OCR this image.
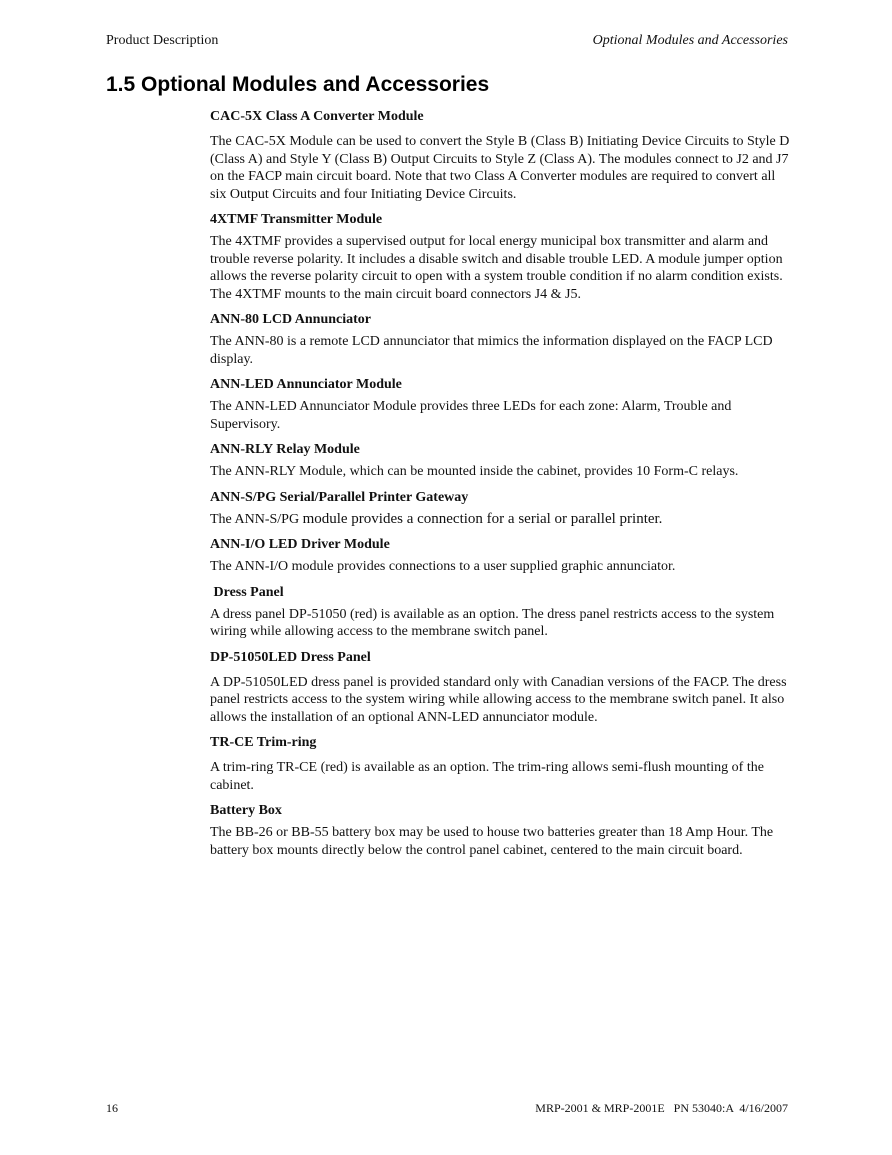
Product Description	Optional Modules and Accessories
1.5 Optional Modules and Accessories
CAC-5X Class A Converter Module

The CAC-5X Module can be used to convert the Style B (Class B) Initiating Device Circuits to Style D (Class A) and Style Y (Class B) Output Circuits to Style Z (Class A). The modules connect to J2 and J7 on the FACP main circuit board. Note that two Class A Converter modules are required to convert all six Output Circuits and four Initiating Device Circuits.

4XTMF Transmitter Module

The 4XTMF provides a supervised output for local energy municipal box transmitter and alarm and trouble reverse polarity. It includes a disable switch and disable trouble LED. A module jumper option allows the reverse polarity circuit to open with a system trouble condition if no alarm condition exists. The 4XTMF mounts to the main circuit board connectors J4 & J5.

ANN-80 LCD Annunciator

The ANN-80 is a remote LCD annunciator that mimics the information displayed on the FACP LCD display.

ANN-LED Annunciator Module

The ANN-LED Annunciator Module provides three LEDs for each zone: Alarm, Trouble and Supervisory.

ANN-RLY Relay Module

The ANN-RLY Module, which can be mounted inside the cabinet, provides 10 Form-C relays.

ANN-S/PG Serial/Parallel Printer Gateway

The ANN-S/PG module provides a connection for a serial or parallel printer.

ANN-I/O LED Driver Module

The ANN-I/O module provides connections to a user supplied graphic annunciator.

Dress Panel

A dress panel DP-51050 (red) is available as an option. The dress panel restricts access to the system wiring while allowing access to the membrane switch panel.

DP-51050LED Dress Panel

A DP-51050LED dress panel is provided standard only with Canadian versions of the FACP. The dress panel restricts access to the system wiring while allowing access to the membrane switch panel. It also allows the installation of an optional ANN-LED annunciator module.

TR-CE Trim-ring

A trim-ring TR-CE (red) is available as an option. The trim-ring allows semi-flush mounting of the cabinet.

Battery Box

The BB-26 or BB-55 battery box may be used to house two batteries greater than 18 Amp Hour. The battery box mounts directly below the control panel cabinet, centered to the main circuit board.

16	MRP-2001 & MRP-2001E   PN 53040:A  4/16/2007
